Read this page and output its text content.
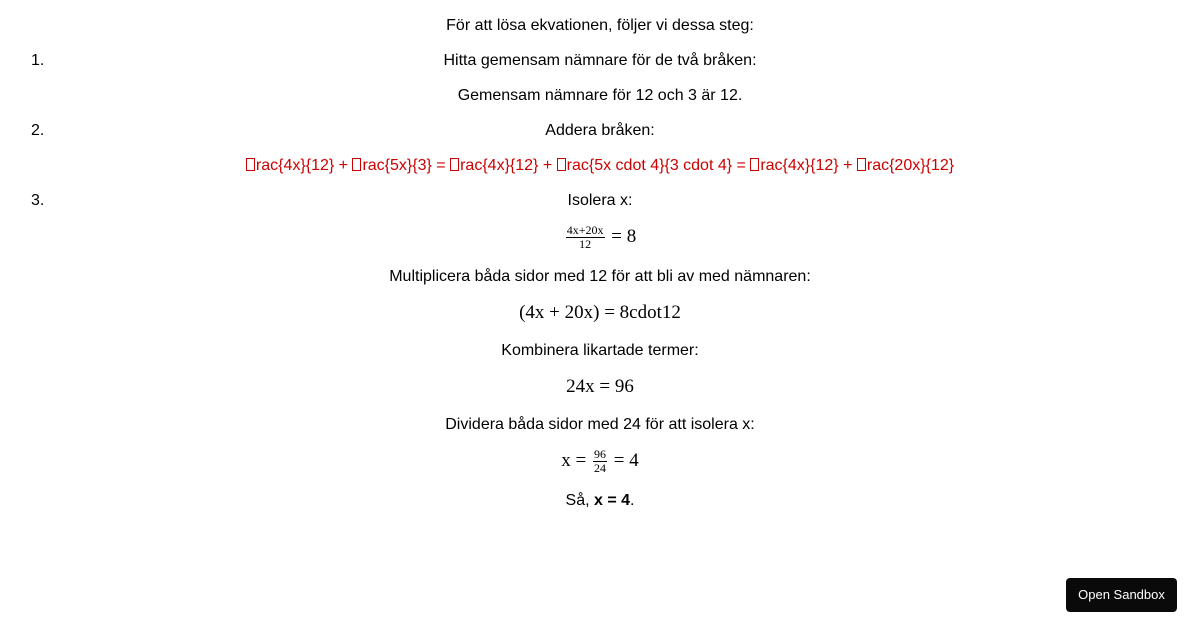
För att lösa ekvationen, följer vi dessa steg:
1.	Hitta gemensam nämnare för de två bråken:
Gemensam nämnare för 12 och 3 är 12.
2.	Addera bråken:
rac{4x}{12} + rac{5x}{3} = rac{4x}{12} + rac{5x cdot 4}{3 cdot 4} = rac{4x}{12} + rac{20x}{12}
3.	Isolera x:
$\frac{4x+20x}{12} = 8$
Multiplicera båda sidor med 12 för att bli av med nämnaren:
(4x + 20x) = 8cdot12
Kombinera likartade termer:
24x = 96
Dividera båda sidor med 24 för att isolera x:
$x = \frac{96}{24} = 4$
Så, x = 4.
Open Sandbox
